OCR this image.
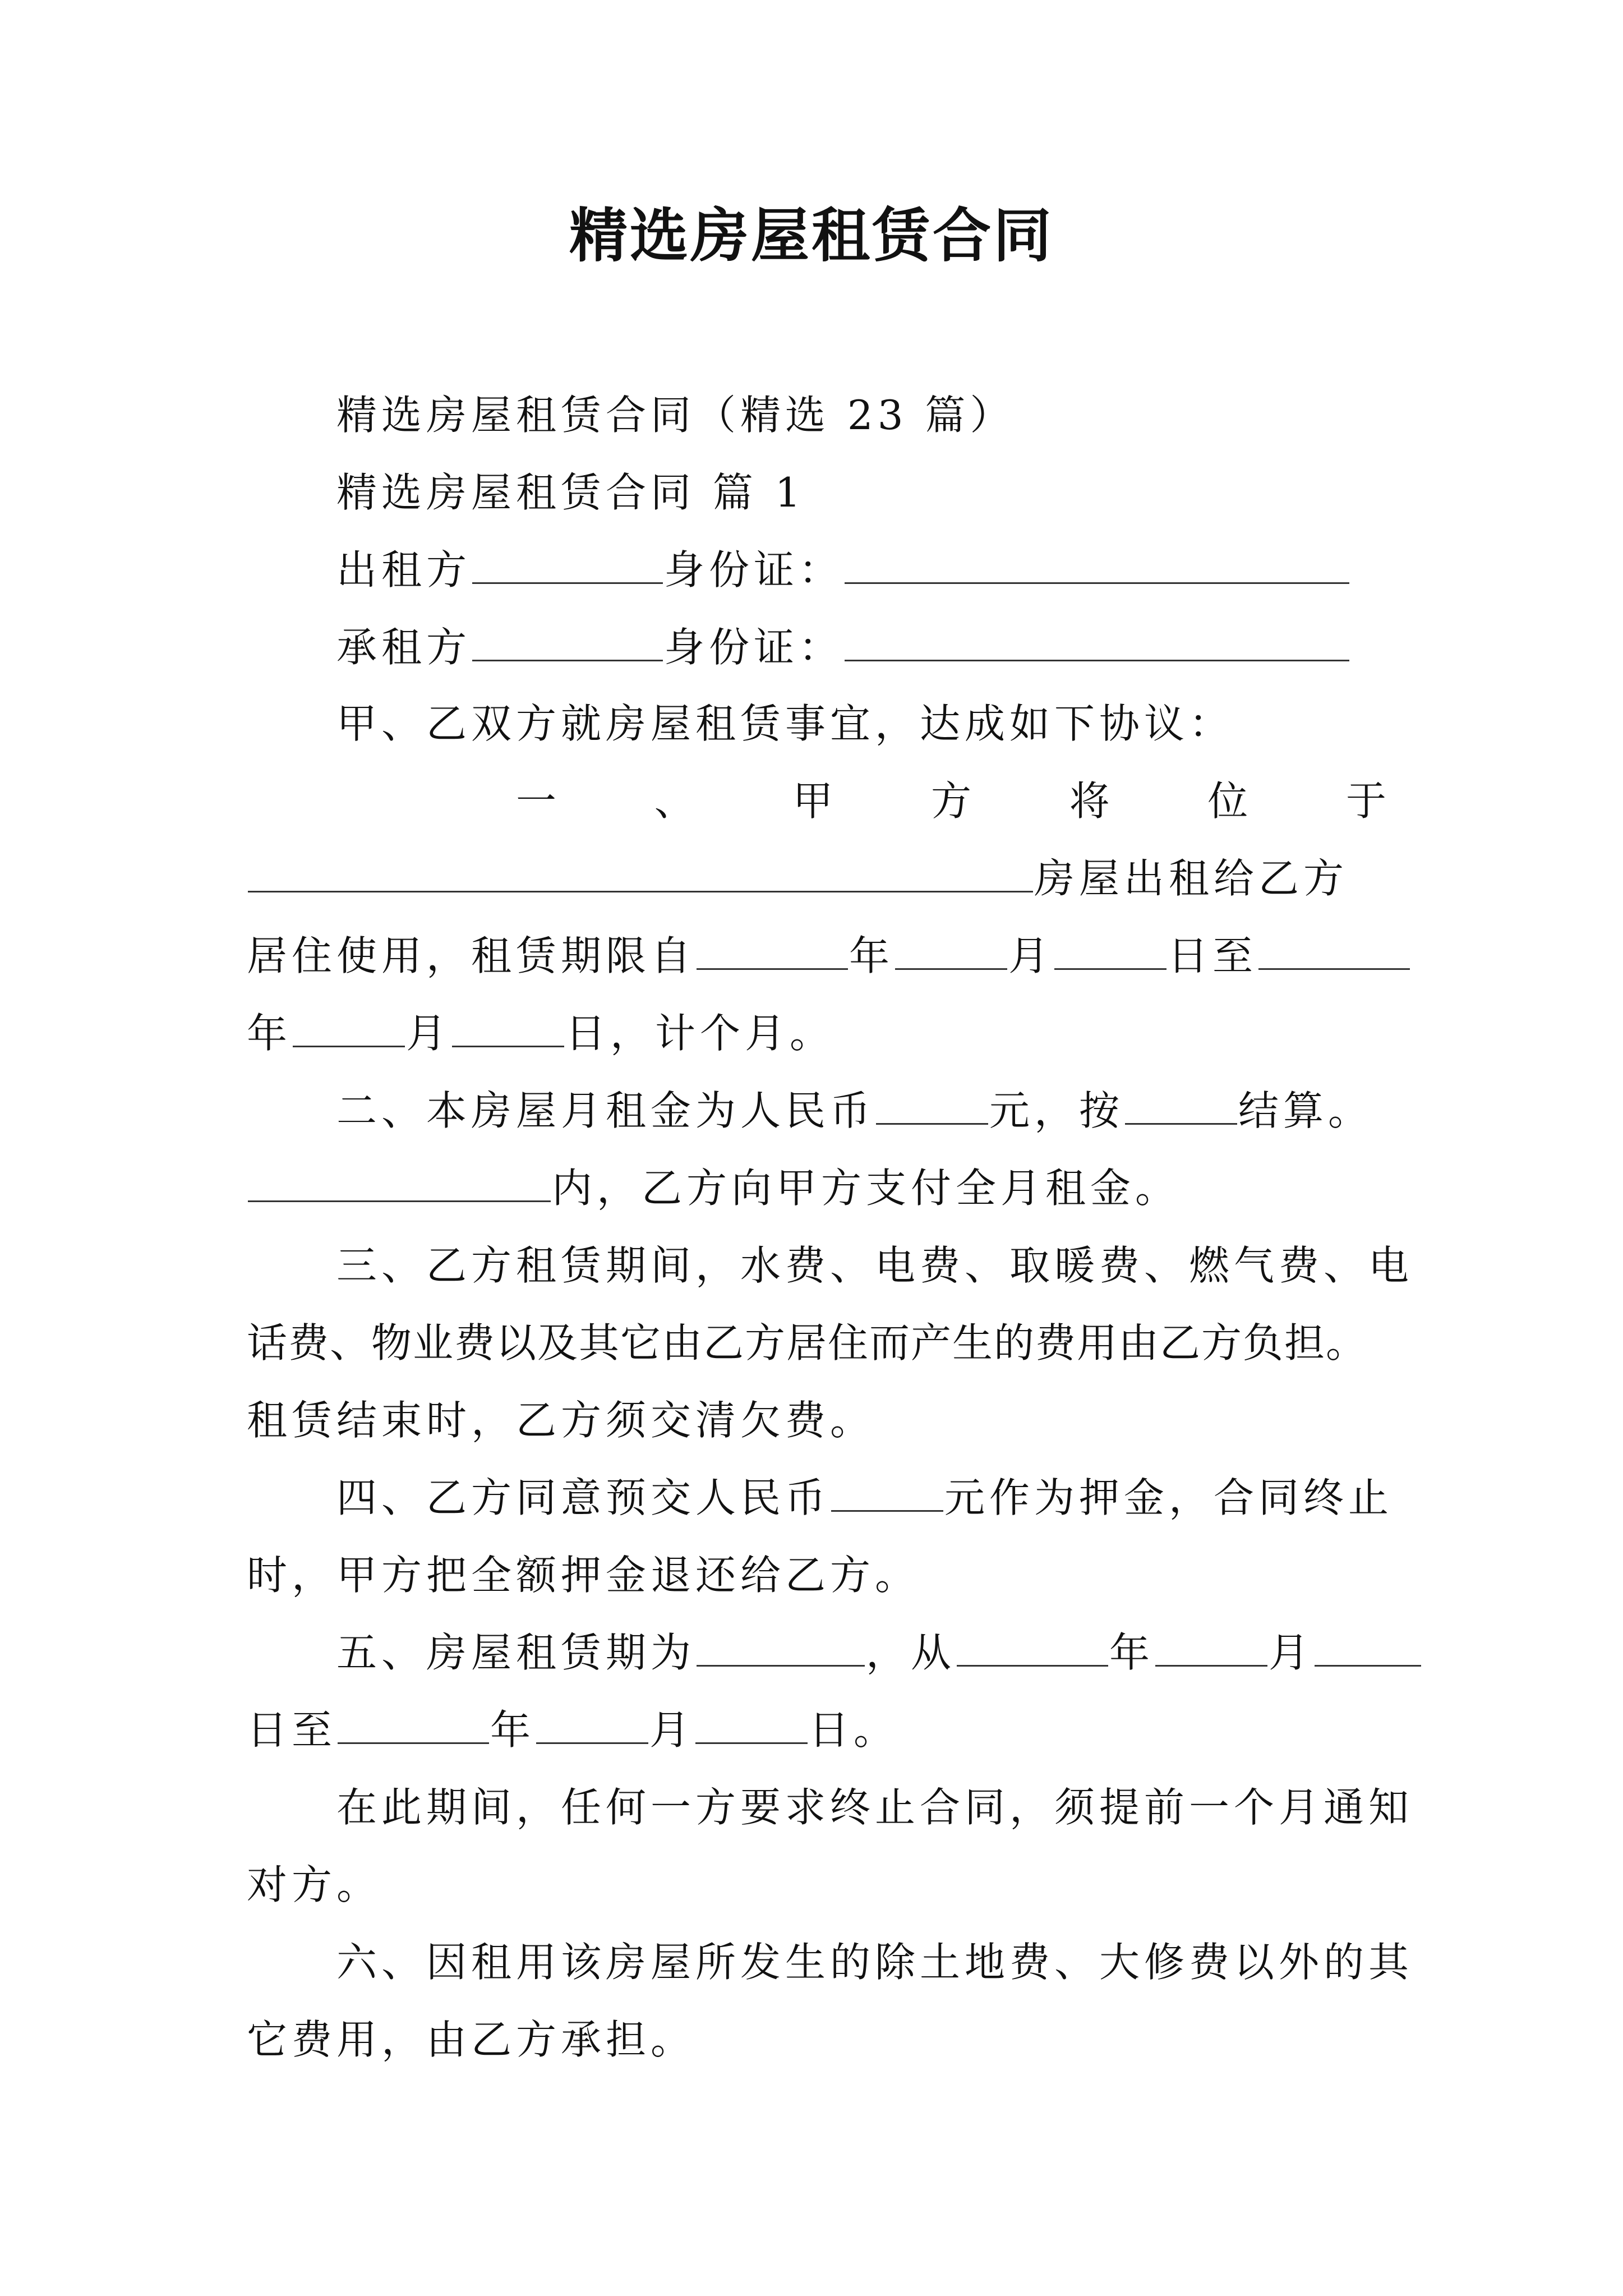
精选房屋租赁合同
精选房屋租赁合同（精选 23 篇）
精选房屋租赁合同 篇 1
出租方	身份证：
承租方	身份证：
甲、乙双方就房屋租赁事宜，达成如下协议：
一 、 甲 方 将 位 于
房屋出租给乙方
居住使用，租赁期限自	年	月	日至
年	月	日，计个月。
二、本房屋月租金为人民币	元，按	结算。
内，乙方向甲方支付全月租金。
三、乙方租赁期间，水费、电费、取暖费、燃气费、电
话费、物业费以及其它由乙方居住而产生的费用由乙方负担。
租赁结束时，乙方须交清欠费。
四、乙方同意预交人民币	元作为押金，合同终止
时，甲方把全额押金退还给乙方。
五、房屋租赁期为	，从	年	月
日至	年	月	日。
在此期间，任何一方要求终止合同，须提前一个月通知
对方。
六、因租用该房屋所发生的除土地费、大修费以外的其
它费用，由乙方承担。
